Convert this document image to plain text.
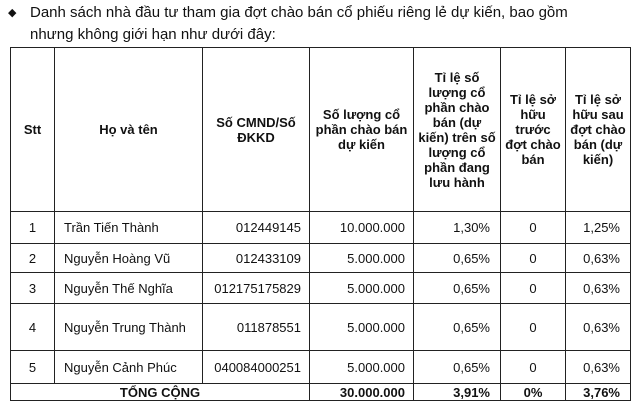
◆ Danh sách nhà đầu tư tham gia đợt chào bán cổ phiếu riêng lẻ dự kiến, bao gồm
nhưng không giới hạn như dưới đây:
Stt	Họ và tên	Số CMND/Số ĐKKD	Số lượng cổ phần chào bán dự kiến	Tỉ lệ số lượng cổ phần chào bán (dự kiến) trên số lượng cổ phần đang lưu hành	Tỉ lệ sở hữu trước đợt chào bán	Tỉ lệ sở hữu sau đợt chào bán (dự kiến)
1	Trần Tiến Thành	012449145	10.000.000	1,30%	0	1,25%
2	Nguyễn Hoàng Vũ	012433109	5.000.000	0,65%	0	0,63%
3	Nguyễn Thế Nghĩa	012175175829	5.000.000	0,65%	0	0,63%
4	Nguyễn Trung Thành	011878551	5.000.000	0,65%	0	0,63%
5	Nguyễn Cảnh Phúc	040084000251	5.000.000	0,65%	0	0,63%
TỔNG CỘNG			30.000.000	3,91%	0%	3,76%
